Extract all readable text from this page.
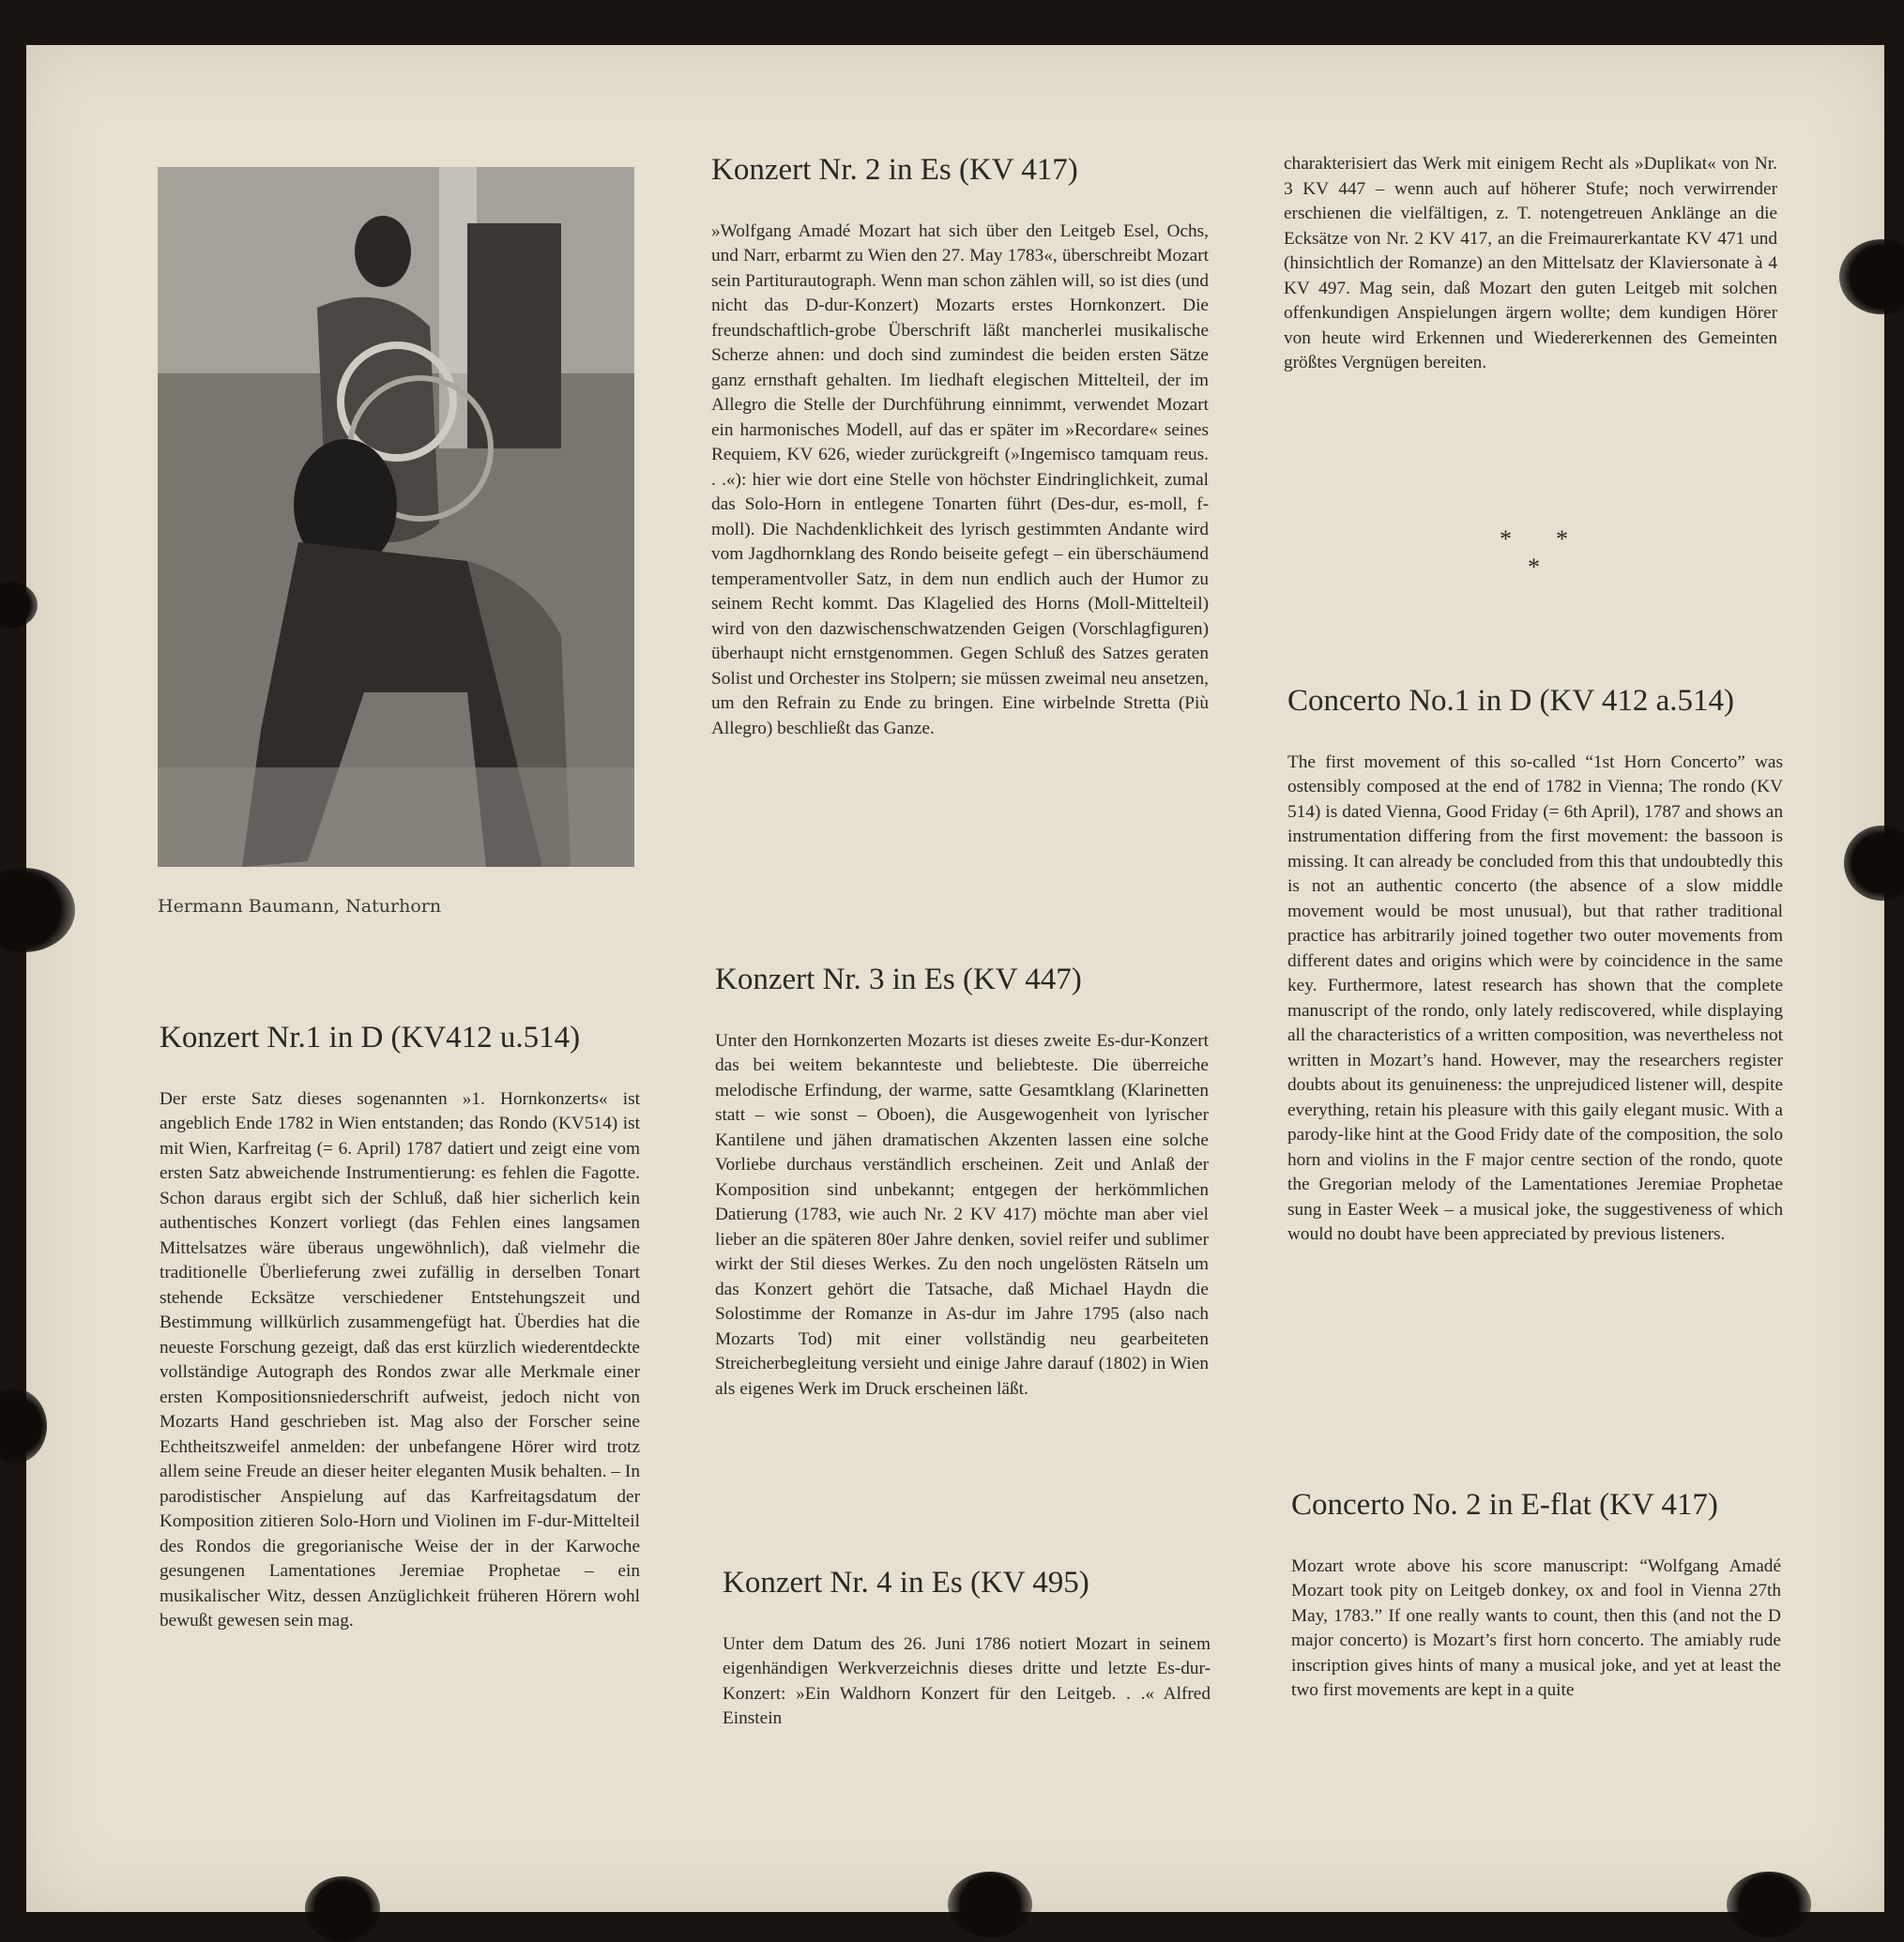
Hermann Baumann, Naturhorn
Konzert Nr.1 in D (KV412 u.514)

Der erste Satz dieses sogenannten »1. Hornkonzerts« ist angeblich Ende 1782 in Wien entstanden; das Rondo (KV514) ist mit Wien, Karfreitag (= 6. April) 1787 datiert und zeigt eine vom ersten Satz abweichende Instrumentierung: es fehlen die Fagotte. Schon daraus ergibt sich der Schluß, daß hier sicherlich kein authentisches Konzert vorliegt (das Fehlen eines langsamen Mittelsatzes wäre überaus ungewöhnlich), daß vielmehr die traditionelle Überlieferung zwei zufällig in derselben Tonart stehende Ecksätze verschiedener Entstehungszeit und Bestimmung willkürlich zusammengefügt hat. Überdies hat die neueste Forschung gezeigt, daß das erst kürzlich wiederentdeckte vollständige Autograph des Rondos zwar alle Merkmale einer ersten Kompositionsniederschrift aufweist, jedoch nicht von Mozarts Hand geschrieben ist. Mag also der Forscher seine Echtheitszweifel anmelden: der unbefangene Hörer wird trotz allem seine Freude an dieser heiter eleganten Musik behalten. – In parodistischer Anspielung auf das Karfreitagsdatum der Komposition zitieren Solo-Horn und Violinen im F-dur-Mittelteil des Rondos die gregorianische Weise der in der Karwoche gesungenen Lamentationes Jeremiae Prophetae – ein musikalischer Witz, dessen Anzüglichkeit früheren Hörern wohl bewußt gewesen sein mag.

Konzert Nr. 2 in Es (KV 417)

»Wolfgang Amadé Mozart hat sich über den Leitgeb Esel, Ochs, und Narr, erbarmt zu Wien den 27. May 1783«, überschreibt Mozart sein Partiturautograph. Wenn man schon zählen will, so ist dies (und nicht das D-dur-Konzert) Mozarts erstes Hornkonzert. Die freundschaftlich-grobe Überschrift läßt mancherlei musikalische Scherze ahnen: und doch sind zumindest die beiden ersten Sätze ganz ernsthaft gehalten. Im liedhaft elegischen Mittelteil, der im Allegro die Stelle der Durchführung einnimmt, verwendet Mozart ein harmonisches Modell, auf das er später im »Recordare« seines Requiem, KV 626, wieder zurückgreift (»Ingemisco tamquam reus. . .«): hier wie dort eine Stelle von höchster Eindringlichkeit, zumal das Solo-Horn in entlegene Tonarten führt (Des-dur, es-moll, f-moll). Die Nachdenklichkeit des lyrisch gestimmten Andante wird vom Jagdhornklang des Rondo beiseite gefegt – ein überschäumend temperamentvoller Satz, in dem nun endlich auch der Humor zu seinem Recht kommt. Das Klagelied des Horns (Moll-Mittelteil) wird von den dazwischenschwatzenden Geigen (Vorschlagfiguren) überhaupt nicht ernstgenommen. Gegen Schluß des Satzes geraten Solist und Orchester ins Stolpern; sie müssen zweimal neu ansetzen, um den Refrain zu Ende zu bringen. Eine wirbelnde Stretta (Più Allegro) beschließt das Ganze.

Konzert Nr. 3 in Es (KV 447)

Unter den Hornkonzerten Mozarts ist dieses zweite Es-dur-Konzert das bei weitem bekannteste und beliebteste. Die überreiche melodische Erfindung, der warme, satte Gesamtklang (Klarinetten statt – wie sonst – Oboen), die Ausgewogenheit von lyrischer Kantilene und jähen dramatischen Akzenten lassen eine solche Vorliebe durchaus verständlich erscheinen. Zeit und Anlaß der Komposition sind unbekannt; entgegen der herkömmlichen Datierung (1783, wie auch Nr. 2 KV 417) möchte man aber viel lieber an die späteren 80er Jahre denken, soviel reifer und sublimer wirkt der Stil dieses Werkes. Zu den noch ungelösten Rätseln um das Konzert gehört die Tatsache, daß Michael Haydn die Solostimme der Romanze in As-dur im Jahre 1795 (also nach Mozarts Tod) mit einer vollständig neu gearbeiteten Streicherbegleitung versieht und einige Jahre darauf (1802) in Wien als eigenes Werk im Druck erscheinen läßt.

Konzert Nr. 4 in Es (KV 495)

Unter dem Datum des 26. Juni 1786 notiert Mozart in seinem eigenhändigen Werkverzeichnis dieses dritte und letzte Es-dur-Konzert: »Ein Waldhorn Konzert für den Leitgeb. . .« Alfred Einstein

charakterisiert das Werk mit einigem Recht als »Duplikat« von Nr. 3 KV 447 – wenn auch auf höherer Stufe; noch verwirrender erschienen die vielfältigen, z. T. notengetreuen Anklänge an die Ecksätze von Nr. 2 KV 417, an die Freimaurerkantate KV 471 und (hinsichtlich der Romanze) an den Mittelsatz der Klaviersonate à 4 KV 497. Mag sein, daß Mozart den guten Leitgeb mit solchen offenkundigen Anspielungen ärgern wollte; dem kundigen Hörer von heute wird Erkennen und Wiedererkennen des Gemeinten größtes Vergnügen bereiten.

* *
*
Concerto No.1 in D (KV 412 a.514)

The first movement of this so-called “1st Horn Concerto” was ostensibly composed at the end of 1782 in Vienna; The rondo (KV 514) is dated Vienna, Good Friday (= 6th April), 1787 and shows an instrumentation differing from the first movement: the bassoon is missing. It can already be concluded from this that undoubtedly this is not an authentic concerto (the absence of a slow middle movement would be most unusual), but that rather traditional practice has arbitrarily joined together two outer movements from different dates and origins which were by coincidence in the same key. Furthermore, latest research has shown that the complete manuscript of the rondo, only lately rediscovered, while displaying all the characteristics of a written composition, was nevertheless not written in Mozart’s hand. However, may the researchers register doubts about its genuineness: the unprejudiced listener will, despite everything, retain his pleasure with this gaily elegant music. With a parody-like hint at the Good Fridy date of the composition, the solo horn and violins in the F major centre section of the rondo, quote the Gregorian melody of the Lamentationes Jeremiae Prophetae sung in Easter Week – a musical joke, the suggestiveness of which would no doubt have been appreciated by previous listeners.

Concerto No. 2 in E-flat (KV 417)

Mozart wrote above his score manuscript: “Wolfgang Amadé Mozart took pity on Leitgeb donkey, ox and fool in Vienna 27th May, 1783.” If one really wants to count, then this (and not the D major concerto) is Mozart’s first horn concerto. The amiably rude inscription gives hints of many a musical joke, and yet at least the two first movements are kept in a quite
